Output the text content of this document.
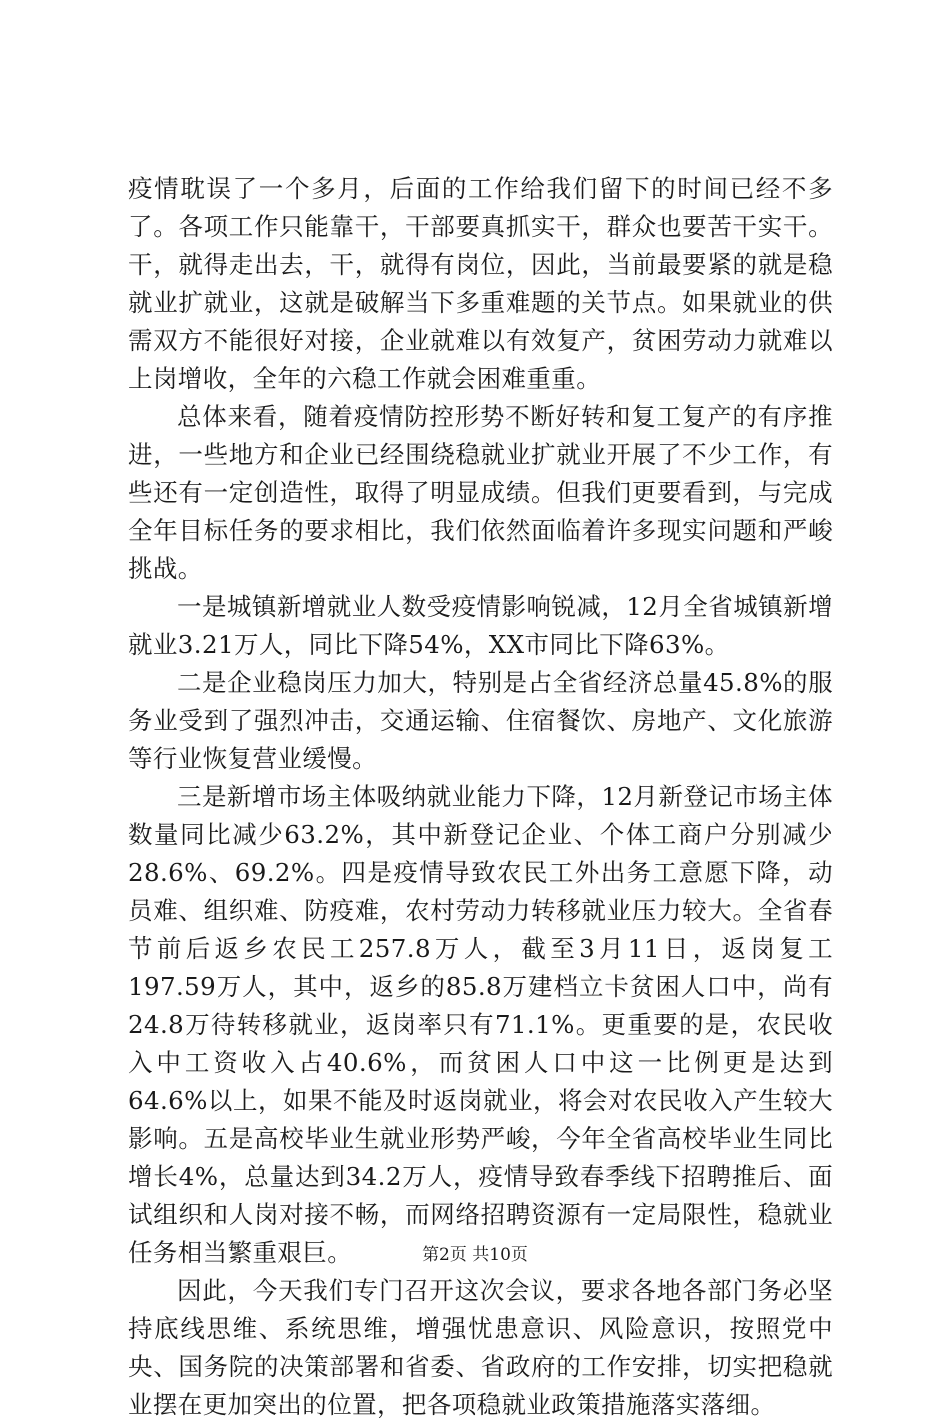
疫情耽误了一个多月，后面的工作给我们留下的时间已经不多了。各项工作只能靠干，干部要真抓实干，群众也要苦干实干。干，就得走出去，干，就得有岗位，因此，当前最要紧的就是稳就业扩就业，这就是破解当下多重难题的关节点。如果就业的供需双方不能很好对接，企业就难以有效复产，贫困劳动力就难以上岗增收，全年的六稳工作就会困难重重。

总体来看，随着疫情防控形势不断好转和复工复产的有序推进，一些地方和企业已经围绕稳就业扩就业开展了不少工作，有些还有一定创造性，取得了明显成绩。但我们更要看到，与完成全年目标任务的要求相比，我们依然面临着许多现实问题和严峻挑战。

一是城镇新增就业人数受疫情影响锐减，12月全省城镇新增就业3.21万人，同比下降54%，XX市同比下降63%。

二是企业稳岗压力加大，特别是占全省经济总量45.8%的服务业受到了强烈冲击，交通运输、住宿餐饮、房地产、文化旅游等行业恢复营业缓慢。

三是新增市场主体吸纳就业能力下降，12月新登记市场主体数量同比减少63.2%，其中新登记企业、个体工商户分别减少28.6%、69.2%。四是疫情导致农民工外出务工意愿下降，动员难、组织难、防疫难，农村劳动力转移就业压力较大。全省春节前后返乡农民工257.8万人，截至3月11日，返岗复工197.59万人，其中，返乡的85.8万建档立卡贫困人口中，尚有24.8万待转移就业，返岗率只有71.1%。更重要的是，农民收入中工资收入占40.6%，而贫困人口中这一比例更是达到64.6%以上，如果不能及时返岗就业，将会对农民收入产生较大影响。五是高校毕业生就业形势严峻，今年全省高校毕业生同比增长4%，总量达到34.2万人，疫情导致春季线下招聘推后、面试组织和人岗对接不畅，而网络招聘资源有一定局限性，稳就业任务相当繁重艰巨。

因此，今天我们专门召开这次会议，要求各地各部门务必坚持底线思维、系统思维，增强忧患意识、风险意识，按照党中央、国务院的决策部署和省委、省政府的工作安排，切实把稳就业摆在更加突出的位置，把各项稳就业政策措施落实落细。

第2页 共10页
